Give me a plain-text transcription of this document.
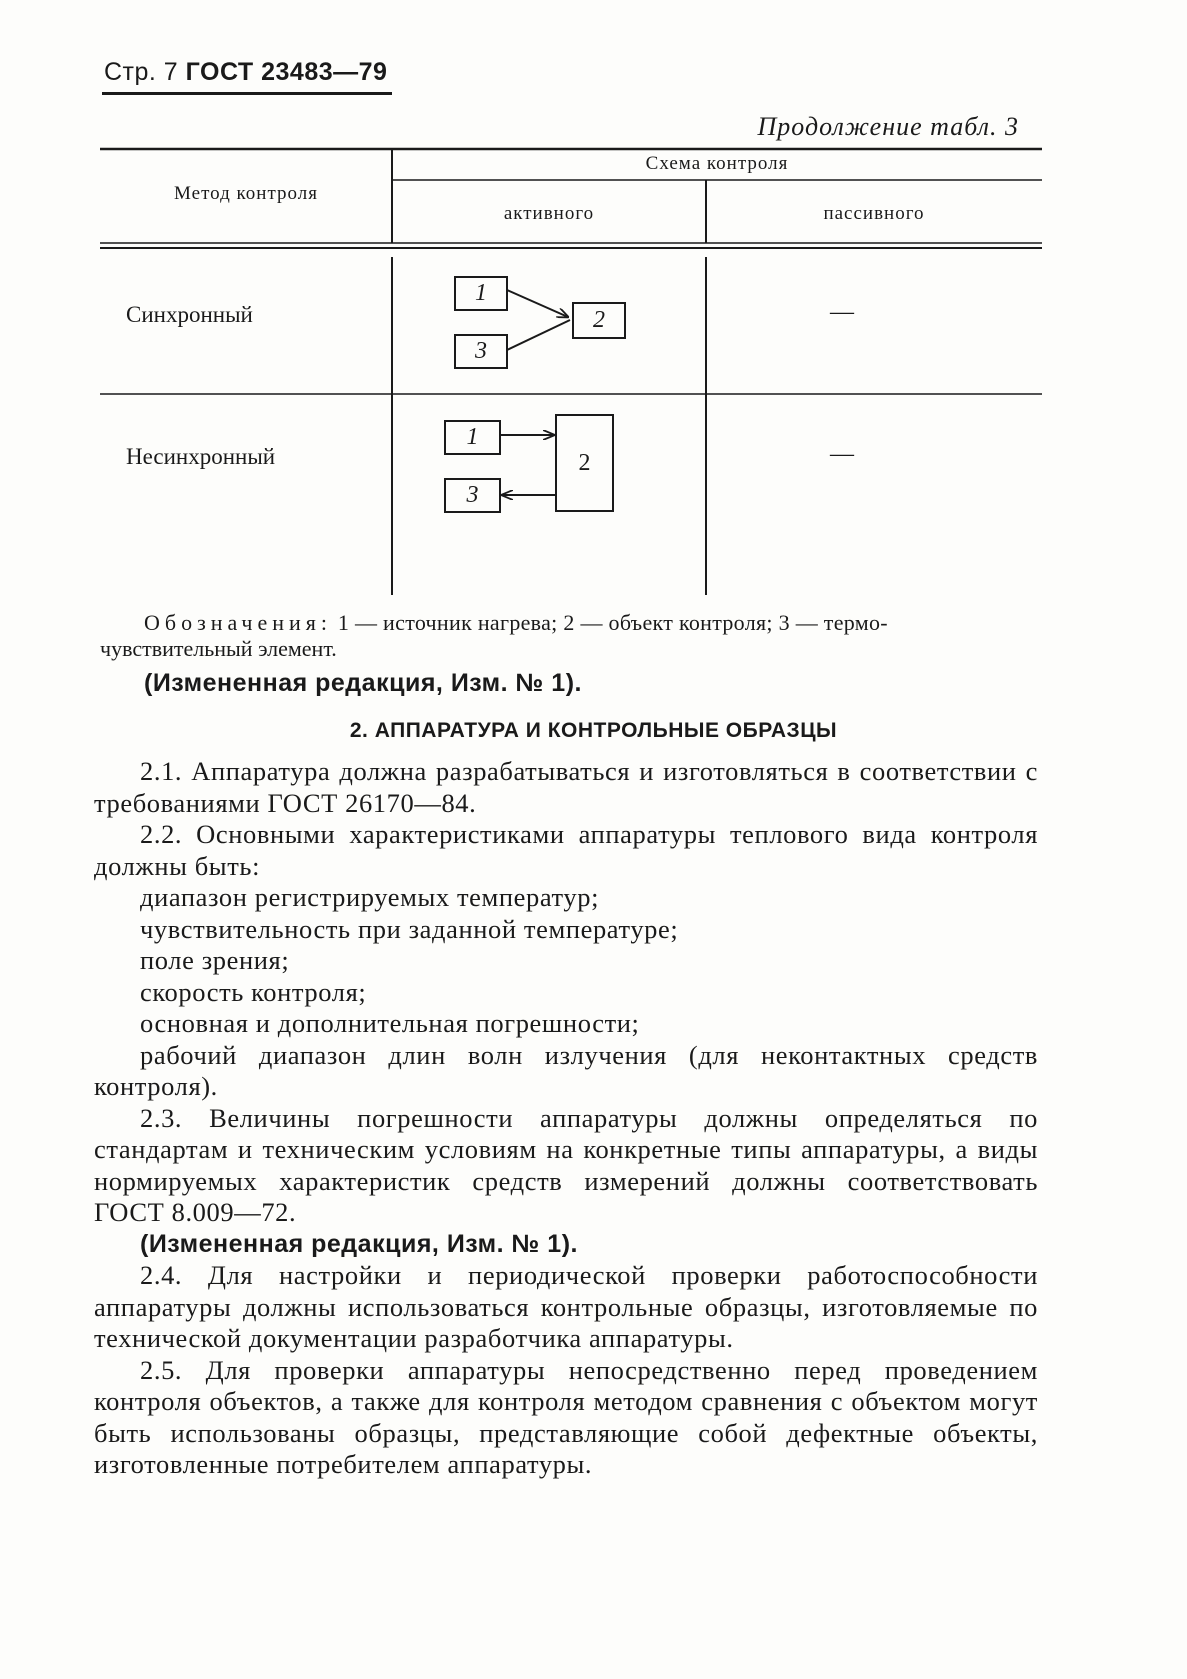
Стр. 7 ГОСТ 23483—79
Продолжение табл. 3
Метод контроля
Схема контроля
активного	пассивного
Синхронный
Несинхронный
—
—
1
2
3
1
2
3
Обозначения: 1 — источник нагрева; 2 — объект контроля; 3 — термо-
чувствительный элемент.
(Измененная редакция, Изм. № 1).
2. АППАРАТУРА И КОНТРОЛЬНЫЕ ОБРАЗЦЫ

2.1. Аппаратура должна разрабатываться и изготовляться в соответствии с требованиями ГОСТ 26170—84.

2.2. Основными характеристиками аппаратуры теплового вида контроля должны быть:

диапазон регистрируемых температур;

чувствительность при заданной температуре;

поле зрения;

скорость контроля;

основная и дополнительная погрешности;

рабочий диапазон длин волн излучения (для неконтактных средств контроля).

2.3. Величины погрешности аппаратуры должны определяться по стандартам и техническим условиям на конкретные типы аппаратуры, а виды нормируемых характеристик средств измерений должны соответствовать ГОСТ 8.009—72.

(Измененная редакция, Изм. № 1).

2.4. Для настройки и периодической проверки работоспособности аппаратуры должны использоваться контрольные образцы, изготовляемые по технической документации разработчика аппаратуры.

2.5. Для проверки аппаратуры непосредственно перед проведением контроля объектов, а также для контроля методом сравнения с объектом могут быть использованы образцы, представляющие собой дефектные объекты, изготовленные потребителем аппаратуры.
